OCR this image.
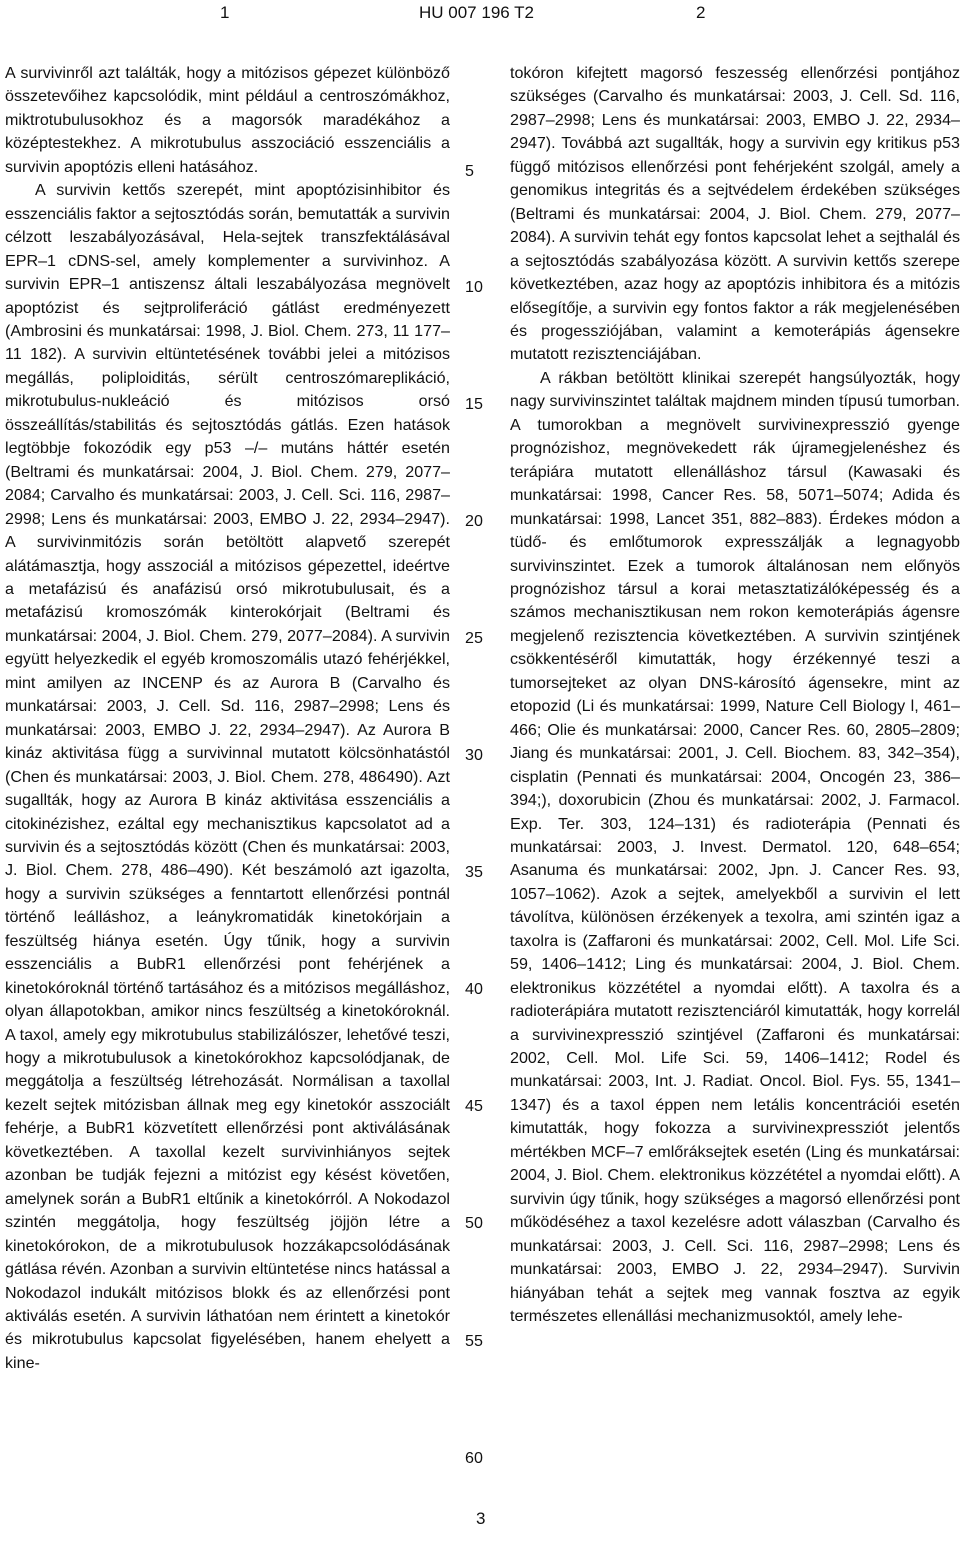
1	HU 007 196 T2	2

A survivinről azt találták, hogy a mitózisos gépezet különböző összetevőihez kapcsolódik, mint például a centroszómákhoz, miktrotubulusokhoz és a magorsók maradékához a középtestekhez. A mikrotubulus asszociáció esszenciális a survivin apoptózis elleni hatásához.

A survivin kettős szerepét, mint apoptózisinhibitor és esszenciális faktor a sejtosztódás során, bemutatták a survivin célzott leszabályozásával, Hela-sejtek transzfektálásával EPR–1 cDNS-sel, amely komplementer a survivinhoz. A survivin EPR–1 antiszensz általi leszabályozása megnövelt apoptózist és sejtproliferáció gátlást eredményezett (Ambrosini és munkatársai: 1998, J. Biol. Chem. 273, 11 177–11 182). A survivin eltüntetésének további jelei a mitózisos megállás, poliploiditás, sérült centroszómareplikáció, mikrotubulus-nukleáció és mitózisos orsó összeállítás/stabilitás és sejtosztódás gátlás. Ezen hatások legtöbbje fokozódik egy p53 –/– mutáns háttér esetén (Beltrami és munkatársai: 2004, J. Biol. Chem. 279, 2077–2084; Carvalho és munkatársai: 2003, J. Cell. Sci. 116, 2987–2998; Lens és munkatársai: 2003, EMBO J. 22, 2934–2947). A survivinmitózis során betöltött alapvető szerepét alátámasztja, hogy asszociál a mitózisos gépezettel, ideértve a metafázisú és anafázisú orsó mikrotubulusait, és a metafázisú kromoszómák kinterokórjait (Beltrami és munkatársai: 2004, J. Biol. Chem. 279, 2077–2084). A survivin együtt helyezkedik el egyéb kromoszomális utazó fehérjékkel, mint amilyen az INCENP és az Aurora B (Carvalho és munkatársai: 2003, J. Cell. Sd. 116, 2987–2998; Lens és munkatársai: 2003, EMBO J. 22, 2934–2947). Az Aurora B kináz aktivitása függ a survivinnal mutatott kölcsönhatástól (Chen és munkatársai: 2003, J. Biol. Chem. 278, 486490). Azt sugallták, hogy az Aurora B kináz aktivitása esszenciális a citokinézishez, ezáltal egy mechanisztikus kapcsolatot ad a survivin és a sejtosztódás között (Chen és munkatársai: 2003, J. Biol. Chem. 278, 486–490). Két beszámoló azt igazolta, hogy a survivin szükséges a fenntartott ellenőrzési pontnál történő leálláshoz, a leánykromatidák kinetokórjain a feszültség hiánya esetén. Úgy tűnik, hogy a survivin esszenciális a BubR1 ellenőrzési pont fehérjének a kinetokóroknál történő tartásához és a mitózisos megálláshoz, olyan állapotokban, amikor nincs feszültség a kinetokóroknál. A taxol, amely egy mikrotubulus stabilizálószer, lehetővé teszi, hogy a mikrotubulusok a kinetokórokhoz kapcsolódjanak, de meggátolja a feszültség létrehozását. Normálisan a taxollal kezelt sejtek mitózisban állnak meg egy kinetokór asszociált fehérje, a BubR1 közvetített ellenőrzési pont aktiválásának következtében. A taxollal kezelt survivinhiányos sejtek azonban be tudják fejezni a mitózist egy késést követően, amelynek során a BubR1 eltűnik a kinetokórról. A Nokodazol szintén meggátolja, hogy feszültség jöjjön létre a kinetokórokon, de a mikrotubulusok hozzákapcsolódásának gátlása révén. Azonban a survivin eltüntetése nincs hatással a Nokodazol indukált mitózisos blokk és az ellenőrzési pont aktiválás esetén. A survivin láthatóan nem érintett a kinetokór és mikrotubulus kapcsolat figyelésében, hanem ehelyett a kine-

5
10
15
20
25
30
35
40
45
50
55
60

tokóron kifejtett magorsó feszesség ellenőrzési pontjához szükséges (Carvalho és munkatársai: 2003, J. Cell. Sd. 116, 2987–2998; Lens és munkatársai: 2003, EMBO J. 22, 2934–2947). Továbbá azt sugallták, hogy a survivin egy kritikus p53 függő mitózisos ellenőrzési pont fehérjeként szolgál, amely a genomikus integritás és a sejtvédelem érdekében szükséges (Beltrami és munkatársai: 2004, J. Biol. Chem. 279, 2077–2084). A survivin tehát egy fontos kapcsolat lehet a sejthalál és a sejtosztódás szabályozása között. A survivin kettős szerepe következtében, azaz hogy az apoptózis inhibitora és a mitózis elősegítője, a survivin egy fontos faktor a rák megjelenésében és progessziójában, valamint a kemoterápiás ágensekre mutatott rezisztenciájában.

A rákban betöltött klinikai szerepét hangsúlyozták, hogy nagy survivinszintet találtak majdnem minden típusú tumorban. A tumorokban a megnövelt survivinexpresszió gyenge prognózishoz, megnövekedett rák újramegjelenéshez és terápiára mutatott ellenálláshoz társul (Kawasaki és munkatársai: 1998, Cancer Res. 58, 5071–5074; Adida és munkatársai: 1998, Lancet 351, 882–883). Érdekes módon a tüdő- és emlőtumorok expresszálják a legnagyobb survivinszintet. Ezek a tumorok általánosan nem előnyös prognózishoz társul a korai metasztatizálóképesség és a számos mechanisztikusan nem rokon kemoterápiás ágensre megjelenő rezisztencia következtében. A survivin szintjének csökkentéséről kimutatták, hogy érzékennyé teszi a tumorsejteket az olyan DNS-károsító ágensekre, mint az etopozid (Li és munkatársai: 1999, Nature Cell Biology l, 461–466; Olie és munkatársai: 2000, Cancer Res. 60, 2805–2809; Jiang és munkatársai: 2001, J. Cell. Biochem. 83, 342–354), cisplatin (Pennati és munkatársai: 2004, Oncogén 23, 386–394;), doxorubicin (Zhou és munkatársai: 2002, J. Farmacol. Exp. Ter. 303, 124–131) és radioterápia (Pennati és munkatársai: 2003, J. Invest. Dermatol. 120, 648–654; Asanuma és munkatársai: 2002, Jpn. J. Cancer Res. 93, 1057–1062). Azok a sejtek, amelyekből a survivin el lett távolítva, különösen érzékenyek a texolra, ami szintén igaz a taxolra is (Zaffaroni és munkatársai: 2002, Cell. Mol. Life Sci. 59, 1406–1412; Ling és munkatársai: 2004, J. Biol. Chem. elektronikus közzététel a nyomdai előtt). A taxolra és a radioterápiára mutatott rezisztenciáról kimutatták, hogy korrelál a survivinexpresszió szintjével (Zaffaroni és munkatársai: 2002, Cell. Mol. Life Sci. 59, 1406–1412; Rodel és munkatársai: 2003, Int. J. Radiat. Oncol. Biol. Fys. 55, 1341–1347) és a taxol éppen nem letális koncentrációi esetén kimutatták, hogy fokozza a survivinexpressziót jelentős mértékben MCF–7 emlőráksejtek esetén (Ling és munkatársai: 2004, J. Biol. Chem. elektronikus közzététel a nyomdai előtt). A survivin úgy tűnik, hogy szükséges a magorsó ellenőrzési pont működéséhez a taxol kezelésre adott válaszban (Carvalho és munkatársai: 2003, J. Cell. Sci. 116, 2987–2998; Lens és munkatársai: 2003, EMBO J. 22, 2934–2947). Survivin hiányában tehát a sejtek meg vannak fosztva az egyik természetes ellenállási mechanizmusoktól, amely lehe-

3
